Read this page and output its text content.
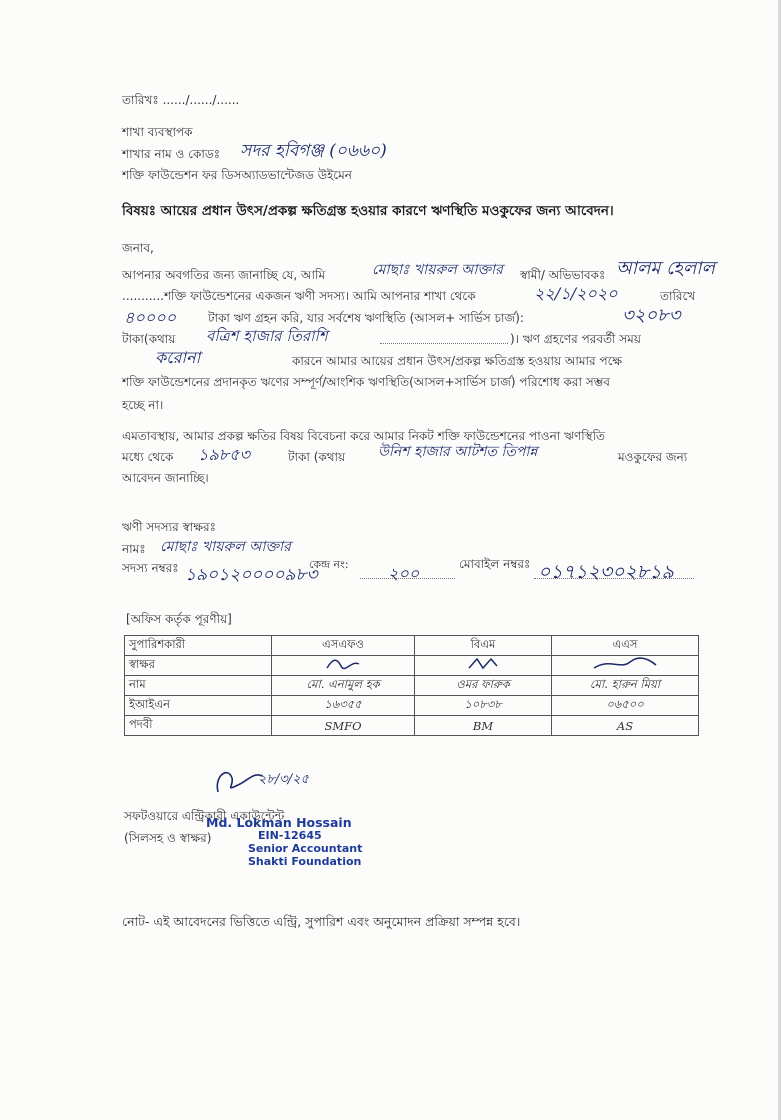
তারিখঃ ....../....../......
শাখা ব্যবস্থাপক
শাখার নাম ও কোডঃ সদর হবিগঞ্জ (০৬৬০)
শক্তি ফাউন্ডেশন ফর ডিসঅ্যাডভান্টেজড উইমেন
বিষয়ঃ আয়ের প্রধান উৎস/প্রকল্প ক্ষতিগ্রস্ত হওয়ার কারণে ঋণস্থিতি মওকুফের জন্য আবেদন।
জনাব,
আপনার অবগতির জন্য জানাচ্ছি যে, আমি	মোছাঃ খায়রুল আক্তার স্বামী/ অভিভাবকঃ আলম হেলাল
...........শক্তি ফাউন্ডেশনের একজন ঋণী সদস্য। আমি আপনার শাখা থেকে	২২/১/২০২০	তারিখে
৪০০০০	টাকা ঋণ গ্রহন করি, যার সর্বশেষ ঋণস্থিতি (আসল+ সার্ভিস চার্জ):	৩২০৮৩
টাকা(কথায় বত্রিশ হাজার তিরাশি	)। ঋণ গ্রহণের পরবর্তী সময়
করোনা	কারনে আমার আয়ের প্রধান উৎস/প্রকল্প ক্ষতিগ্রস্ত হওয়ায় আমার পক্ষে
শক্তি ফাউন্ডেশনের প্রদানকৃত ঋণের সম্পূর্ণ/আংশিক ঋণস্থিতি(আসল+সার্ভিস চার্জ) পরিশোধ করা সম্ভব
হচ্ছে না।
এমতাবস্থায়, আমার প্রকল্প ক্ষতির বিষয় বিবেচনা করে আমার নিকট শক্তি ফাউন্ডেশনের পাওনা ঋণস্থিতি
মধ্যে থেকে ১৯৮৫৩	টাকা (কথায় উনিশ হাজার আটশত তিপান্ন	মওকুফের জন্য
আবেদন জানাচ্ছি।
ঋণী সদস্যর স্বাক্ষরঃ
নামঃ মোছাঃ খায়রুল আক্তার
সদস্য নম্বরঃ ১৯০১২০০০০৯৮৩
কেন্দ্র নং: ২০০	মোবাইল নম্বরঃ ০১৭১২৩০২৮১৯
[অফিস কর্তৃক পূরণীয়]
সুপারিশকারী	এসএফও	বিএম	এএস
স্বাক্ষর			
নাম	মো. এনামুল হক	ওমর ফারুক	মো. হারুন মিয়া
ইআইএন	১৬৩৫৫	১০৮৩৮	০৬৫০০
পদবী	SMFO	BM	AS
২৮/৩/২৫
সফটওয়ারে এন্ট্রিকারী একাউন্টেন্ট
(সিলসহ ও স্বাক্ষর)
Md. Lokman Hossain
EIN-12645
Senior Accountant
Shakti Foundation
নোট- এই আবেদনের ভিত্তিতে এন্ট্রি, সুপারিশ এবং অনুমোদন প্রক্রিয়া সম্পন্ন হবে।
